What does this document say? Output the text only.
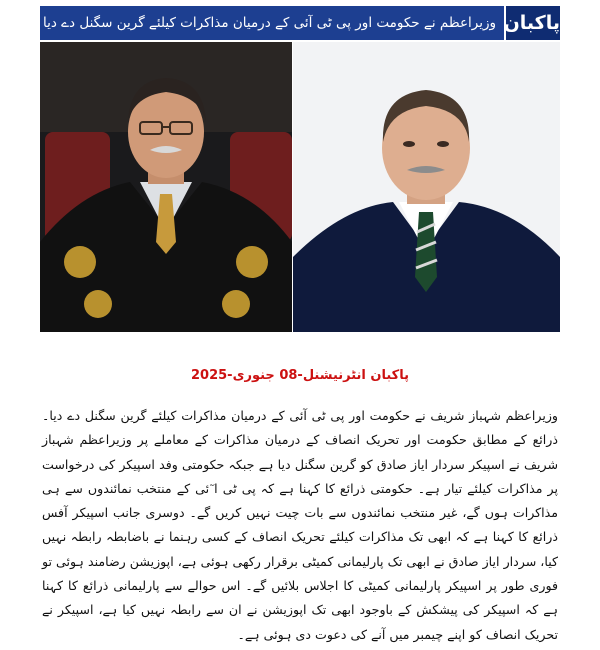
پاکبان
وزیراعظم نے حکومت اور پی ٹی آئی کے درمیان مذاکرات کیلئے گرین سگنل دے دیا
پاکبان انٹرنیشنل-08 جنوری-2025
وزیراعظم شہباز شریف نے حکومت اور پی ٹی آئی کے درمیان مذاکرات کیلئے گرین سگنل دے دیا۔ ذرائع کے مطابق حکومت اور تحریک انصاف کے درمیان مذاکرات کے معاملے پر وزیراعظم شہباز شریف نے اسپیکر سردار ایاز صادق کو گرین سگنل دیا ہے جبکہ حکومتی وفد اسپیکر کی درخواست پر مذاکرات کیلئے تیار ہے۔ حکومتی ذرائع کا کہنا ہے کہ پی ٹی ا ٓئی کے منتخب نمائندوں سے ہی مذاکرات ہوں گے، غیر منتخب نمائندوں سے بات چیت نہیں کریں گے۔ دوسری جانب اسپیکر آفس ذرائع کا کہنا ہے کہ ابھی تک مذاکرات کیلئے تحریک انصاف کے کسی رہنما نے باضابطہ رابطہ نہیں کیا، سردار ایاز صادق نے ابھی تک پارلیمانی کمیٹی برقرار رکھی ہوئی ہے، اپوزیشن رضامند ہوئی تو فوری طور پر اسپیکر پارلیمانی کمیٹی کا اجلاس بلائیں گے۔ اس حوالے سے پارلیمانی ذرائع کا کہنا ہے کہ اسپیکر کی پیشکش کے باوجود ابھی تک اپوزیشن نے ان سے رابطہ نہیں کیا ہے، اسپیکر نے تحریک انصاف کو اپنے چیمبر میں آنے کی دعوت دی ہوئی ہے۔
